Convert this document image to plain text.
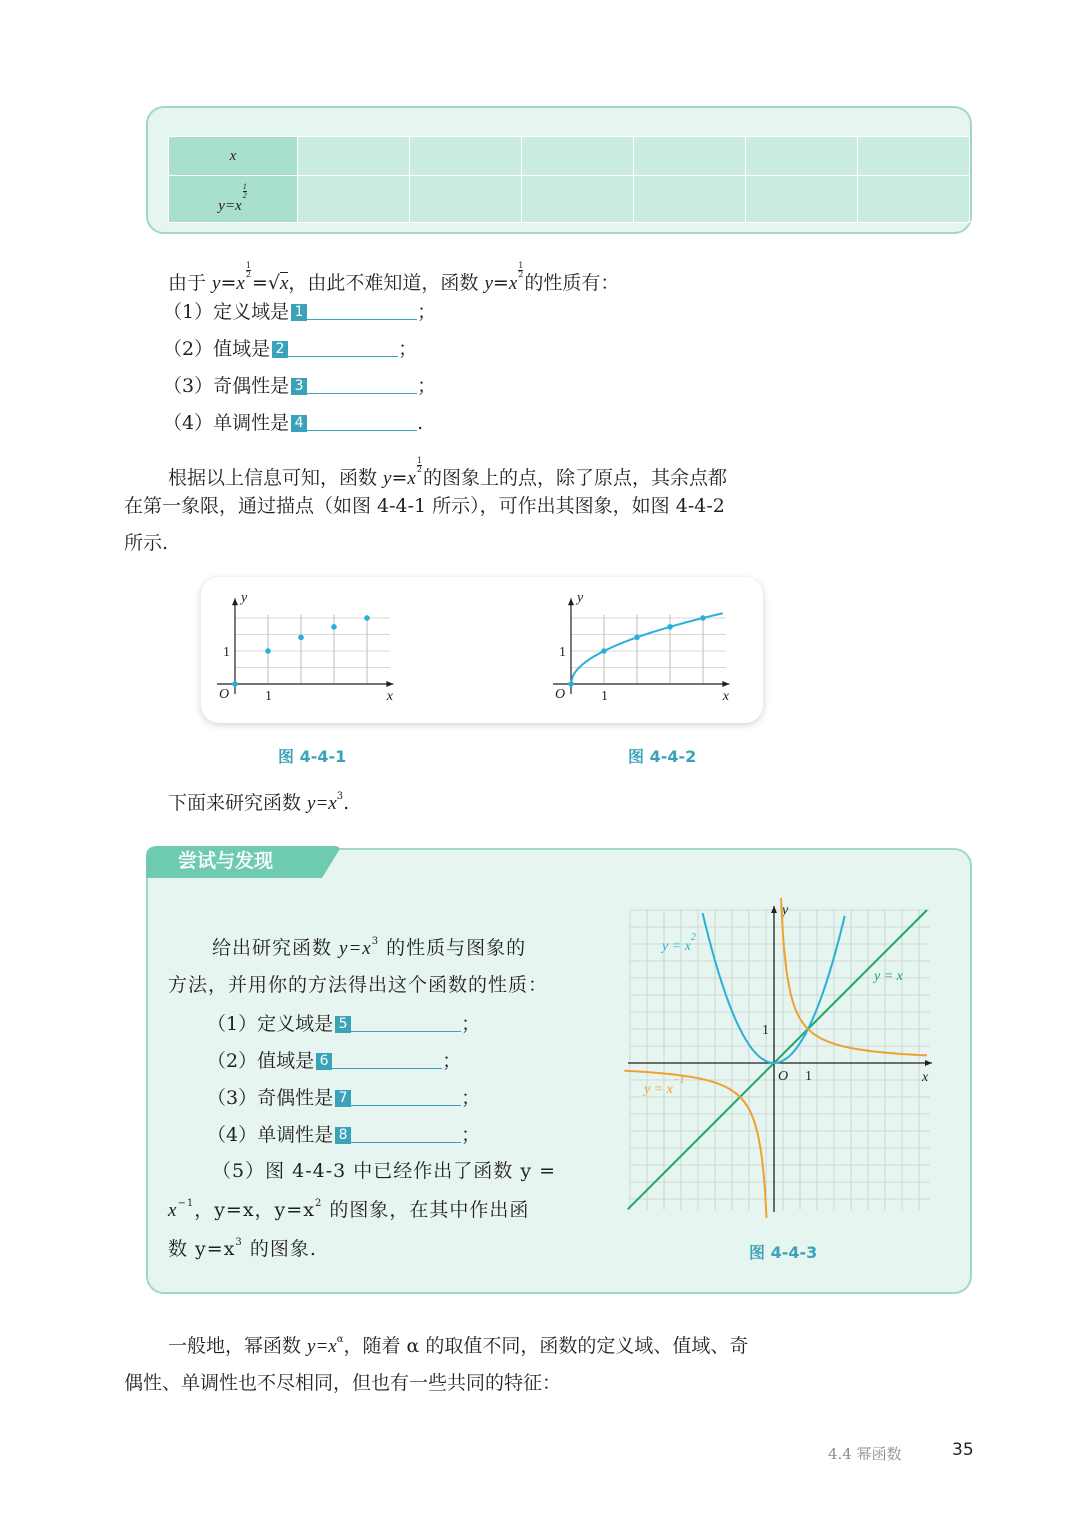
x						
y=x
$\frac{1}{2}$

由于 y=x
$\frac{1}{2}$
=√x，由此不难知道，函数 y=x
$\frac{1}{2}$
的性质有：
（1）定义域是 1	；
（2）值域是 2	；
（3）奇偶性是 3	；
（4）单调性是 4	.
根据以上信息可知，函数 y=x
$\frac{1}{2}$
的图象上的点，除了原点，其余点都
在第一象限，通过描点（如图 4-4-1 所示），可作出其图象，如图 4-4-2
所示.
x
y
O	1
1
x
y
O	1
1
图 4-4-1	图 4-4-2
下面来研究函数 $y=x^3$.
尝试与发现
给出研究函数 $y=x^3$ 的性质与图象的
方法，并用你的方法得出这个函数的性质：
（1）定义域是 5	；
（2）值域是 6	；
（3）奇偶性是 7	；
（4）单调性是 8	；
（5）图 4-4-3 中已经作出了函数 y =
$x^{-1}$，y=x，$y=x^2$ 的图象，在其中作出函
数 $y=x^3$ 的图象.
x
y
O 1
1
$y = x^2$
y = x
$y = x^{-1}$
图 4-4-3
一般地，幂函数 $y=x^\alpha$，随着 α 的取值不同，函数的定义域、值域、奇
偶性、单调性也不尽相同，但也有一些共同的特征：
4.4 幂函数	35
